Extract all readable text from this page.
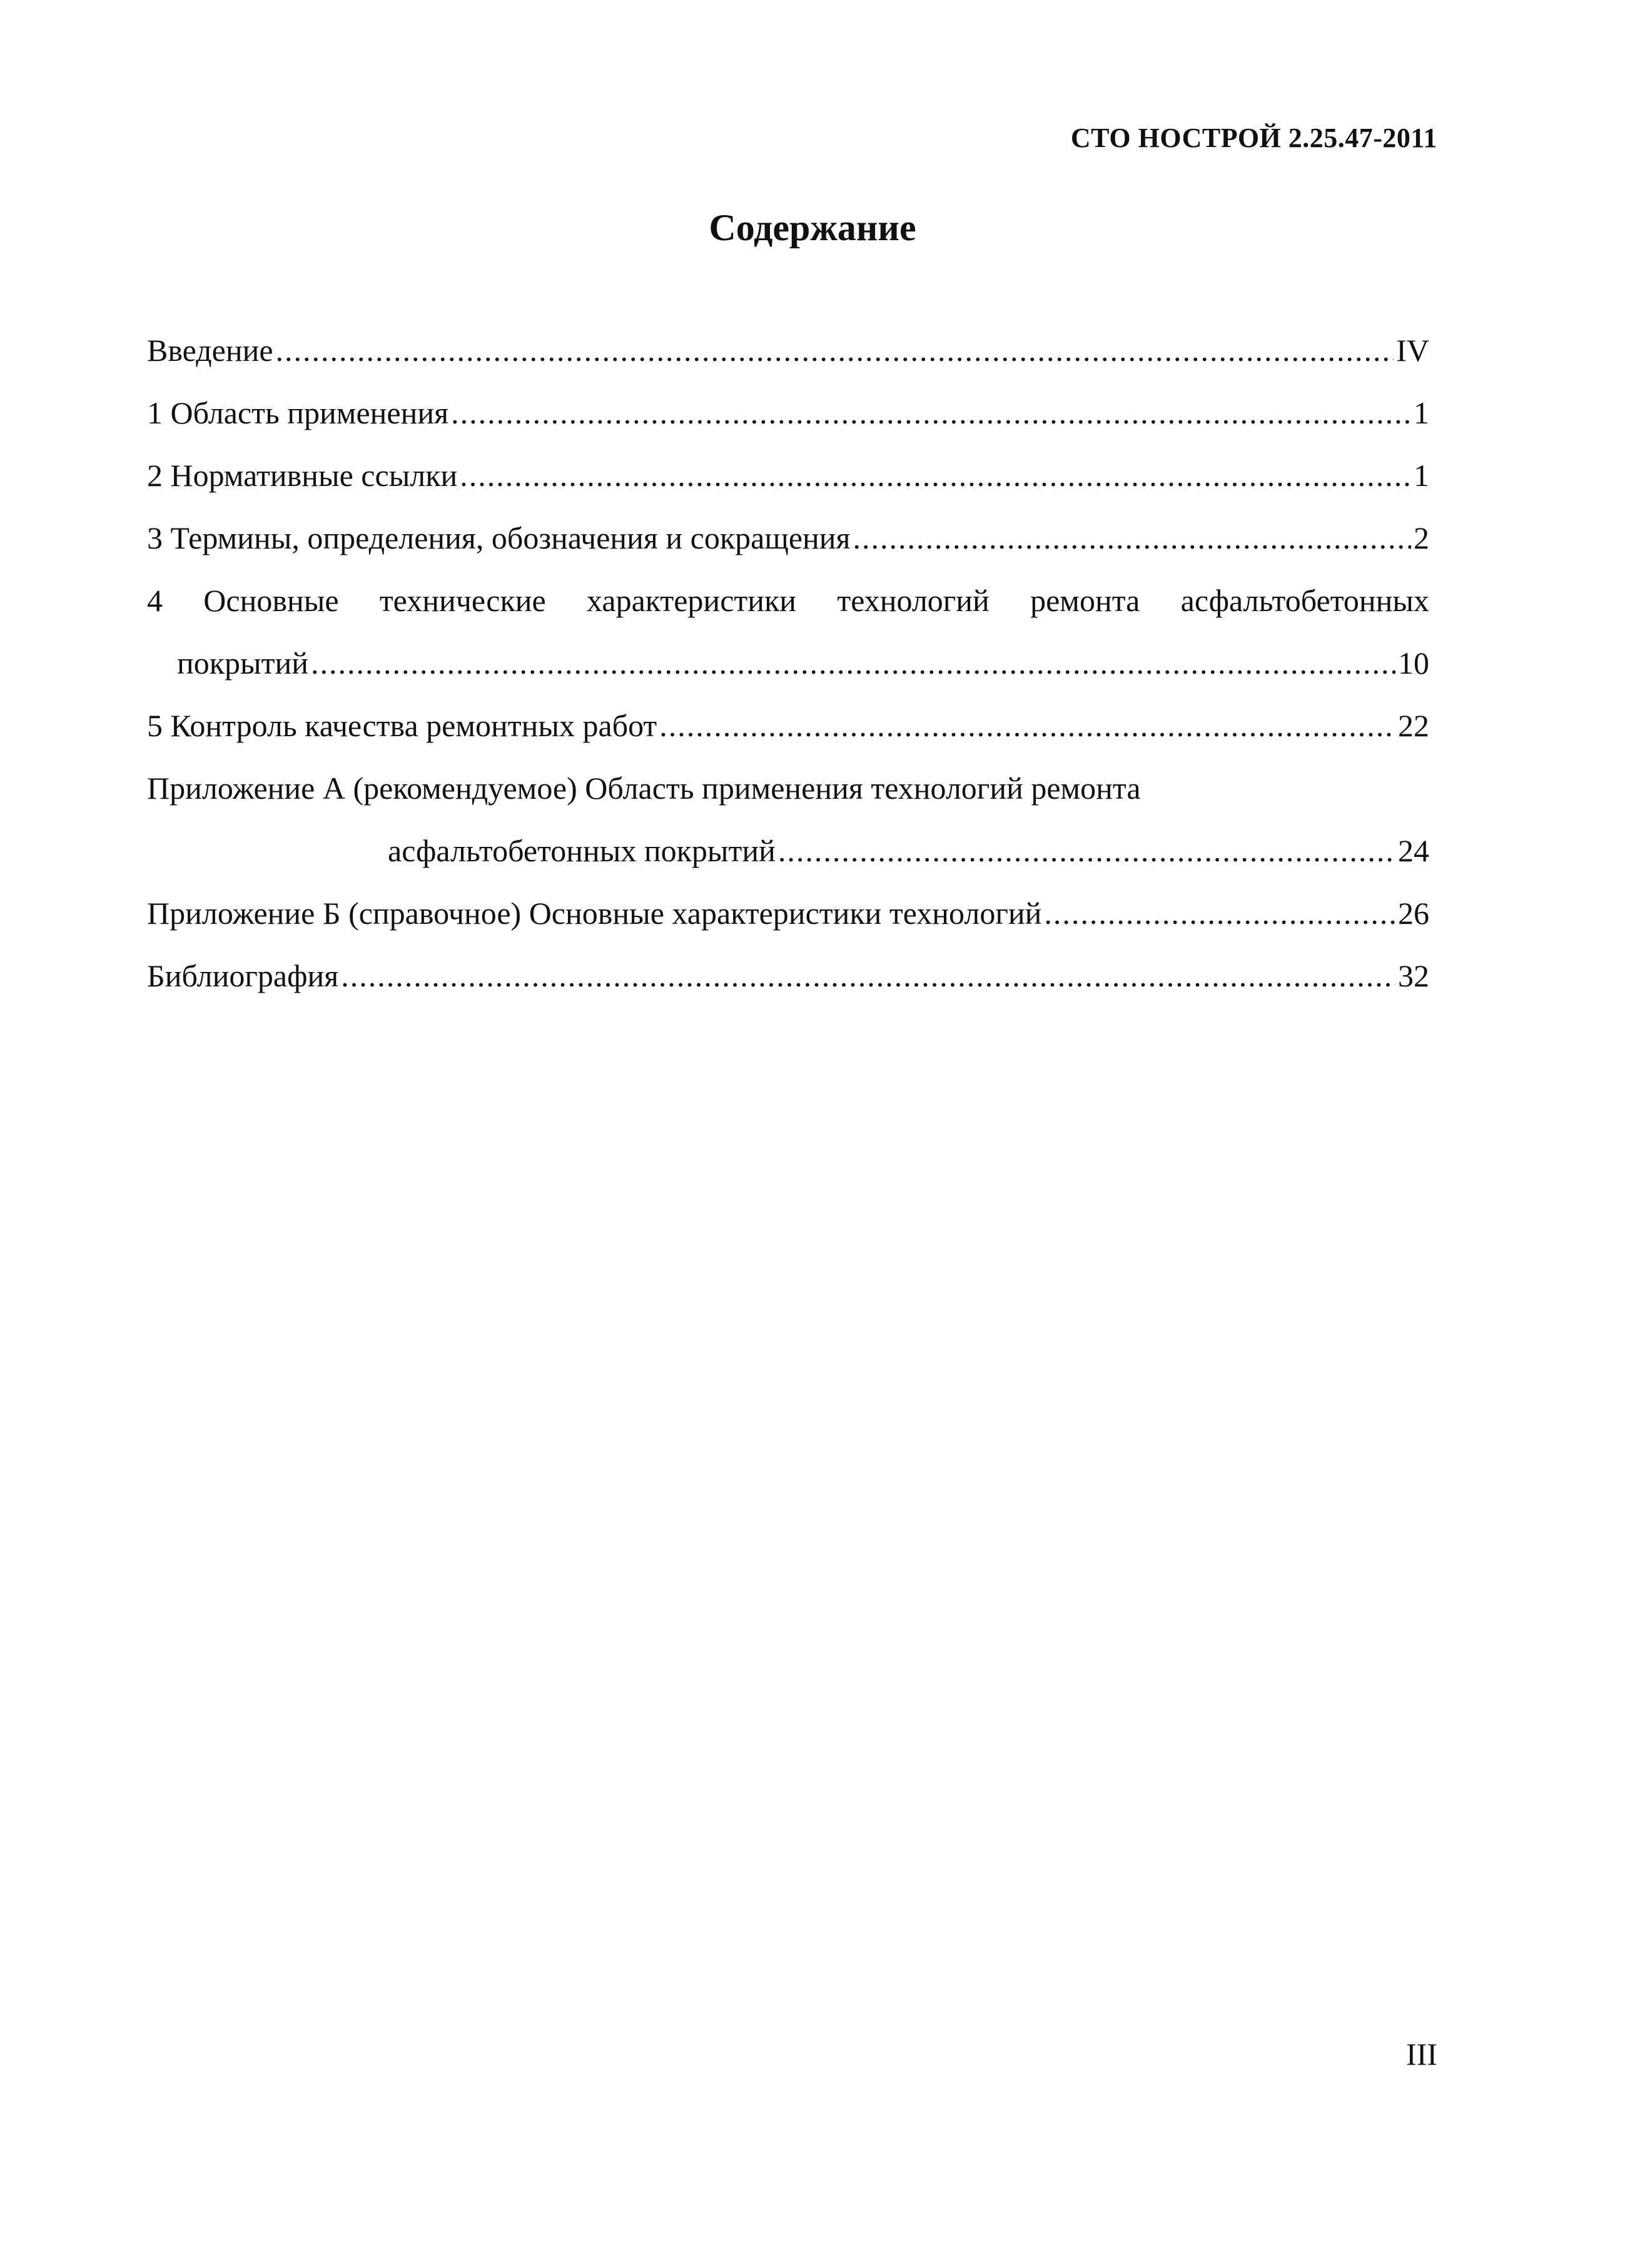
СТО НОСТРОЙ 2.25.47-2011
Содержание
Введение .....	IV
1 Область применения .....	1
2 Нормативные ссылки .....	1
3 Термины, определения, обозначения и сокращения .....	2
4 Основные технические характеристики технологий ремонта асфальтобетонных
покрытий .....	10
5 Контроль качества ремонтных работ .....	22
Приложение А (рекомендуемое) Область применения технологий ремонта
асфальтобетонных покрытий .....	24
Приложение Б (справочное) Основные характеристики технологий .....	26
Библиография .....	32
III
